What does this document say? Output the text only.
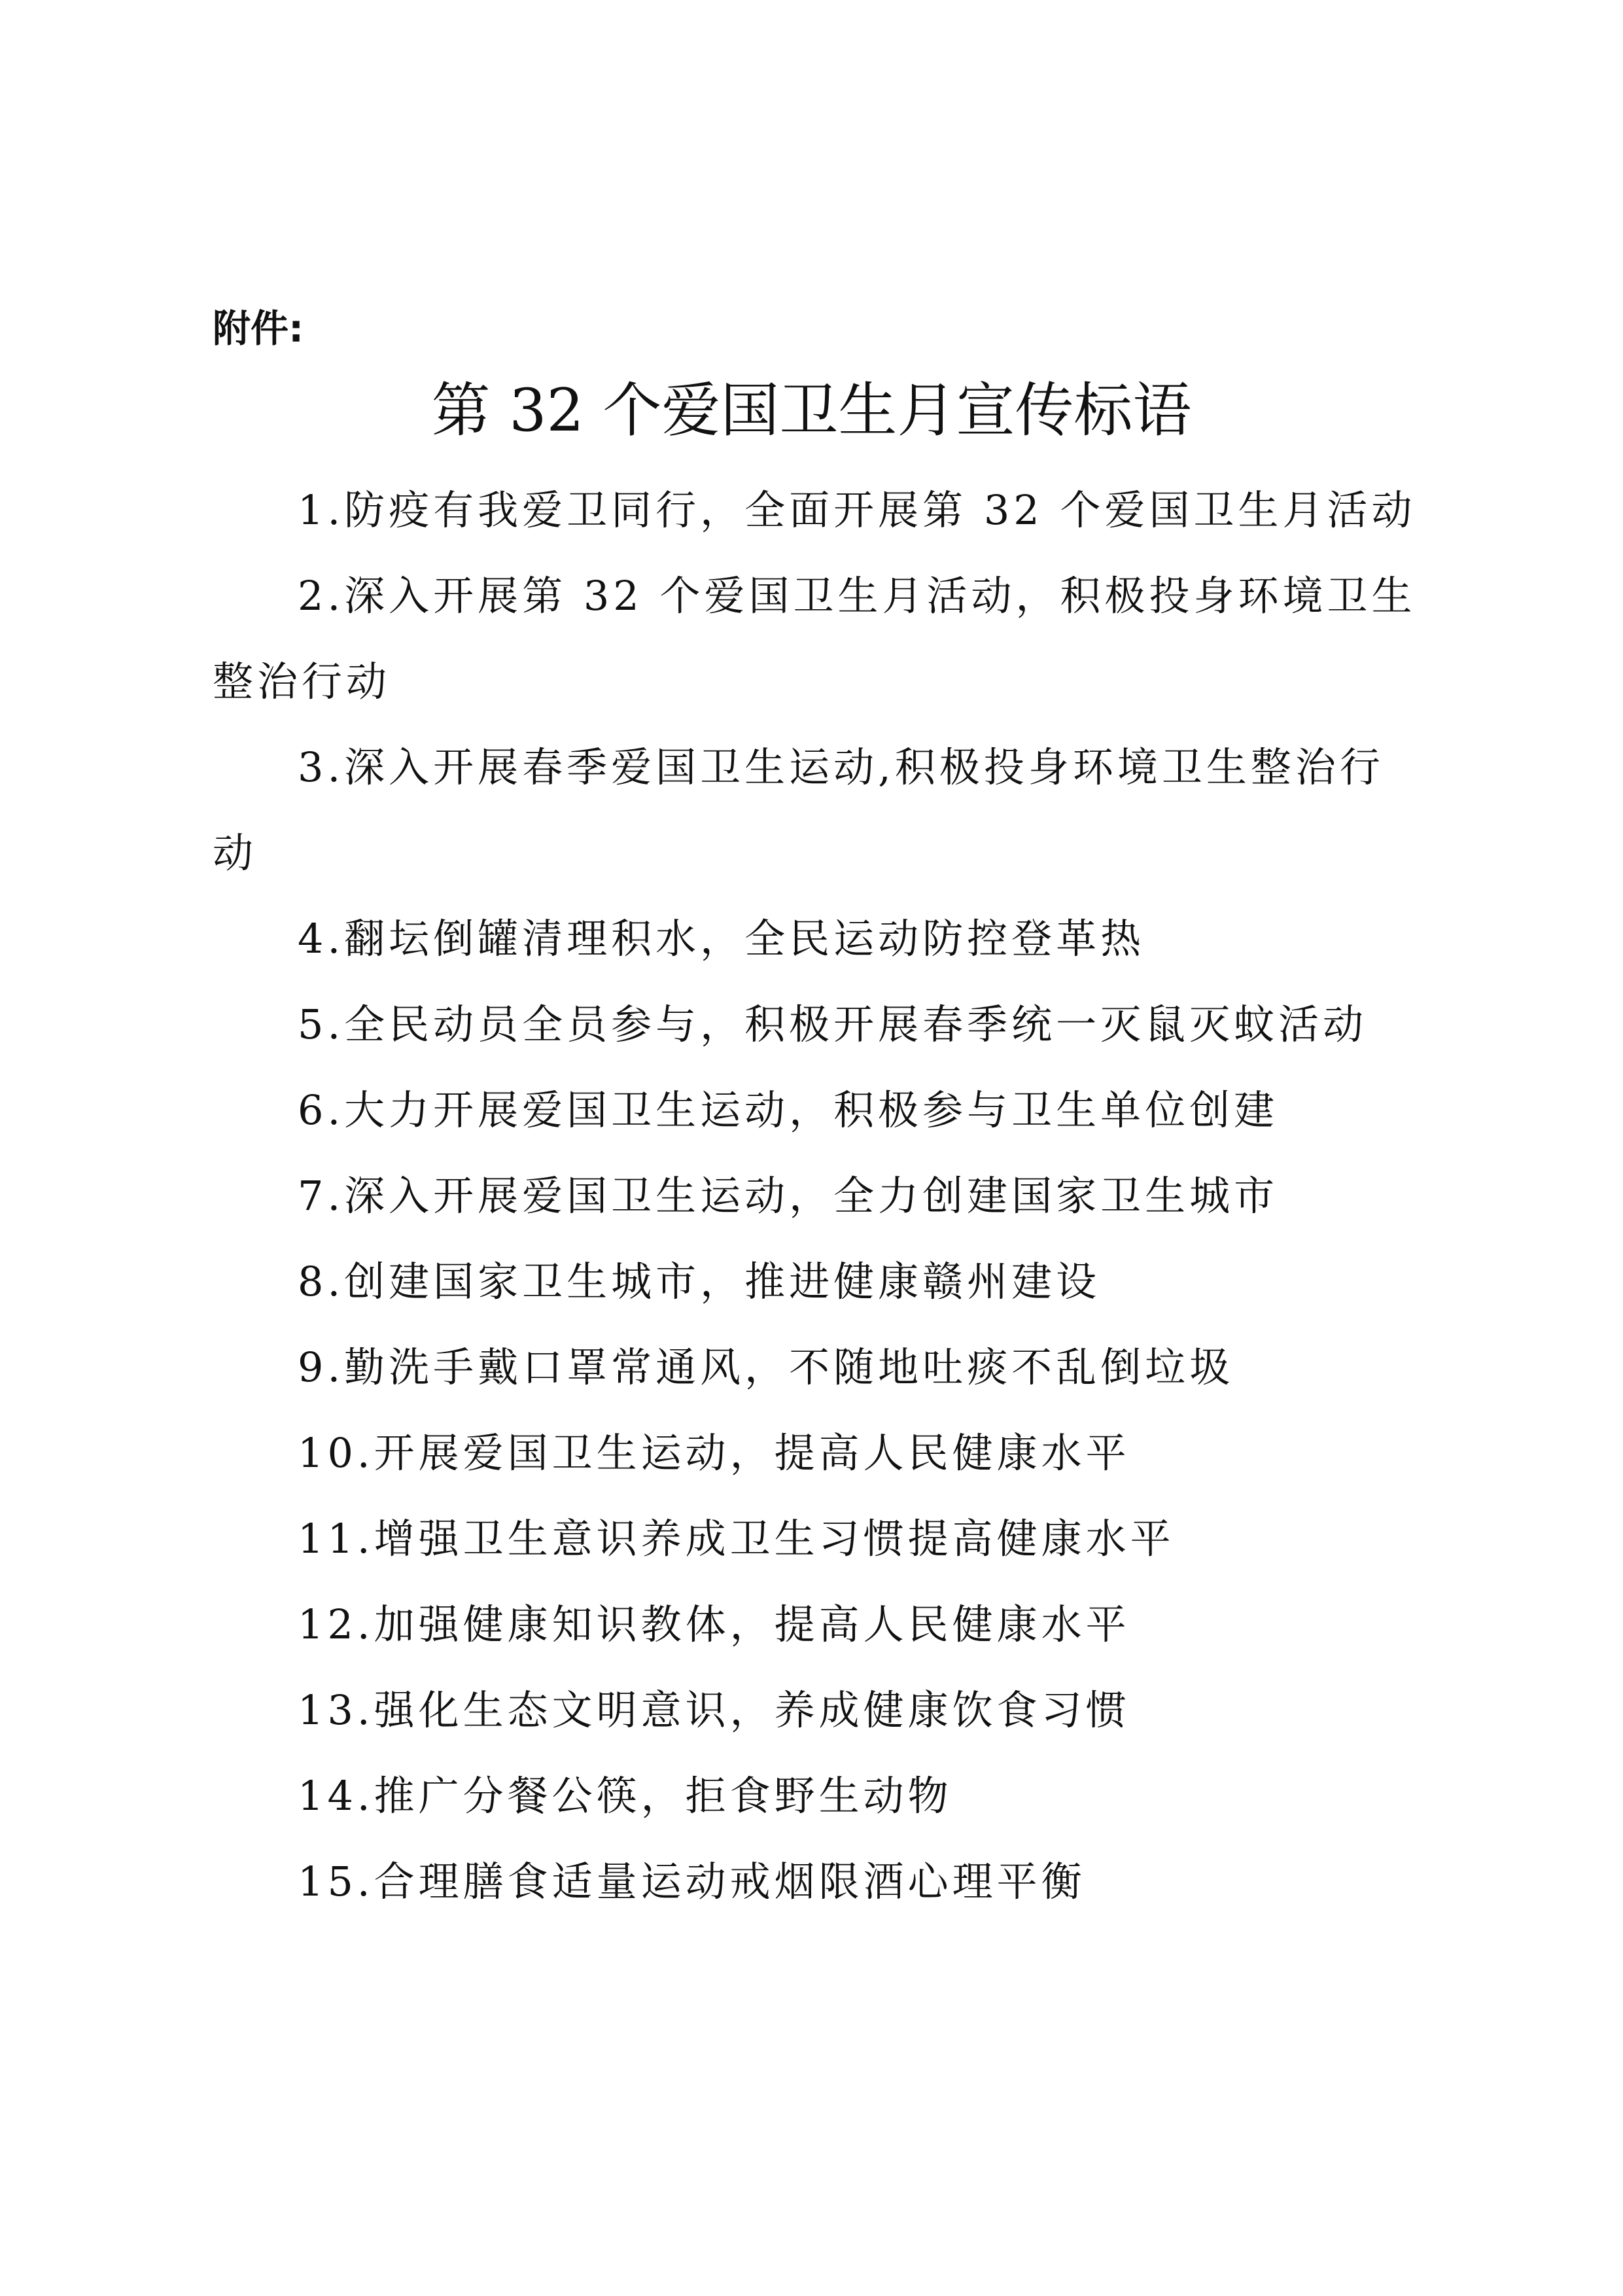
附件:
第 32 个爱国卫生月宣传标语
1.防疫有我爱卫同行，全面开展第 32 个爱国卫生月活动
2.深入开展第 32 个爱国卫生月活动，积极投身环境卫生整治行动
3.深入开展春季爱国卫生运动,积极投身环境卫生整治行动
4.翻坛倒罐清理积水，全民运动防控登革热
5.全民动员全员参与，积极开展春季统一灭鼠灭蚊活动
6.大力开展爱国卫生运动，积极参与卫生单位创建
7.深入开展爱国卫生运动，全力创建国家卫生城市
8.创建国家卫生城市，推进健康赣州建设
9.勤洗手戴口罩常通风，不随地吐痰不乱倒垃圾
10.开展爱国卫生运动，提高人民健康水平
11.增强卫生意识养成卫生习惯提高健康水平
12.加强健康知识教体，提高人民健康水平
13.强化生态文明意识，养成健康饮食习惯
14.推广分餐公筷，拒食野生动物
15.合理膳食适量运动戒烟限酒心理平衡
